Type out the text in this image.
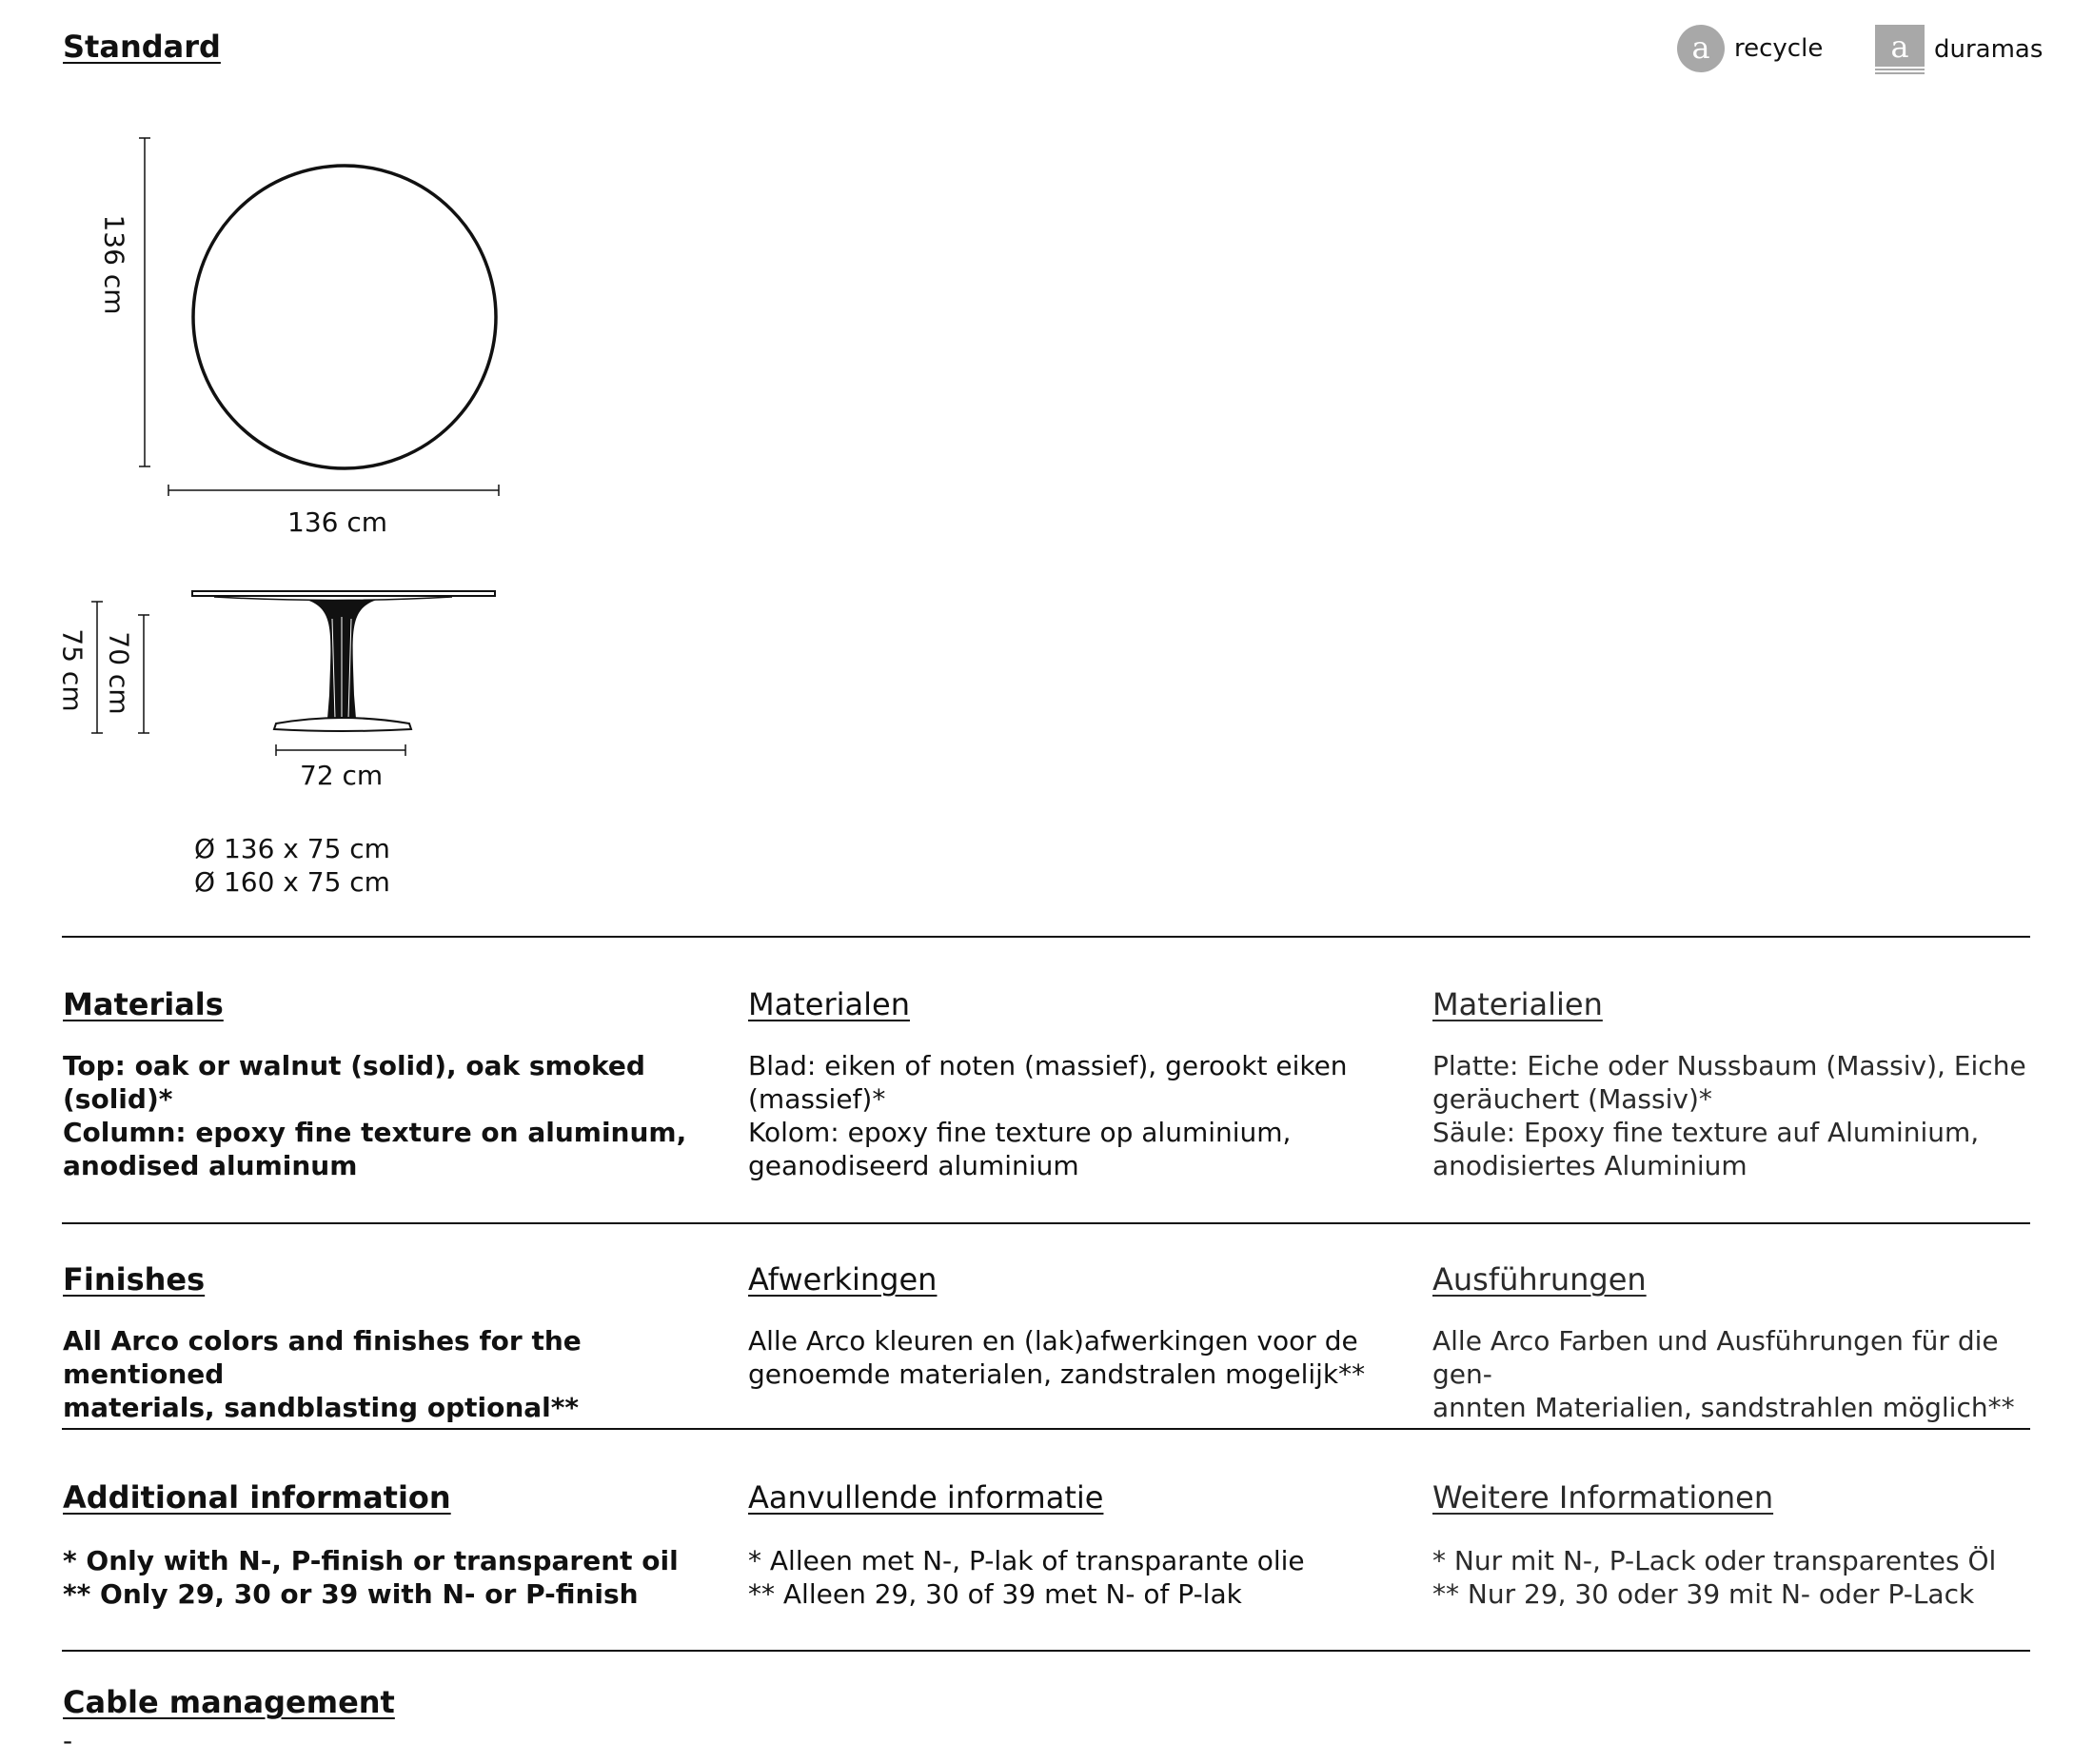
Standard	a recycle a duramas
136 cm
136 cm
75 cm 70 cm
72 cm
Ø 136 x 75 cm
Ø 160 x 75 cm
Materials
Top: oak or walnut (solid), oak smoked
(solid)*
Column: epoxy fine texture on aluminum,
anodised aluminum
Materialen
Blad: eiken of noten (massief), gerookt eiken
(massief)*
Kolom: epoxy fine texture op aluminium,
geanodiseerd aluminium
Materialien
Platte: Eiche oder Nussbaum (Massiv), Eiche
geräuchert (Massiv)*
Säule: Epoxy fine texture auf Aluminium,
anodisiertes Aluminium
Finishes
All Arco colors and finishes for the mentioned
materials, sandblasting optional**
Afwerkingen
Alle Arco kleuren en (lak)afwerkingen voor de
genoemde materialen, zandstralen mogelijk**
Ausführungen
Alle Arco Farben und Ausführungen für die gen-
annten Materialien, sandstrahlen möglich**
Additional information
* Only with N-, P-finish or transparent oil
** Only 29, 30 or 39 with N- or P-finish
Aanvullende informatie
* Alleen met N-, P-lak of transparante olie
** Alleen 29, 30 of 39 met N- of P-lak
Weitere Informationen
* Nur mit N-, P-Lack oder transparentes Öl
** Nur 29, 30 oder 39 mit N- oder P-Lack
Cable management
-
